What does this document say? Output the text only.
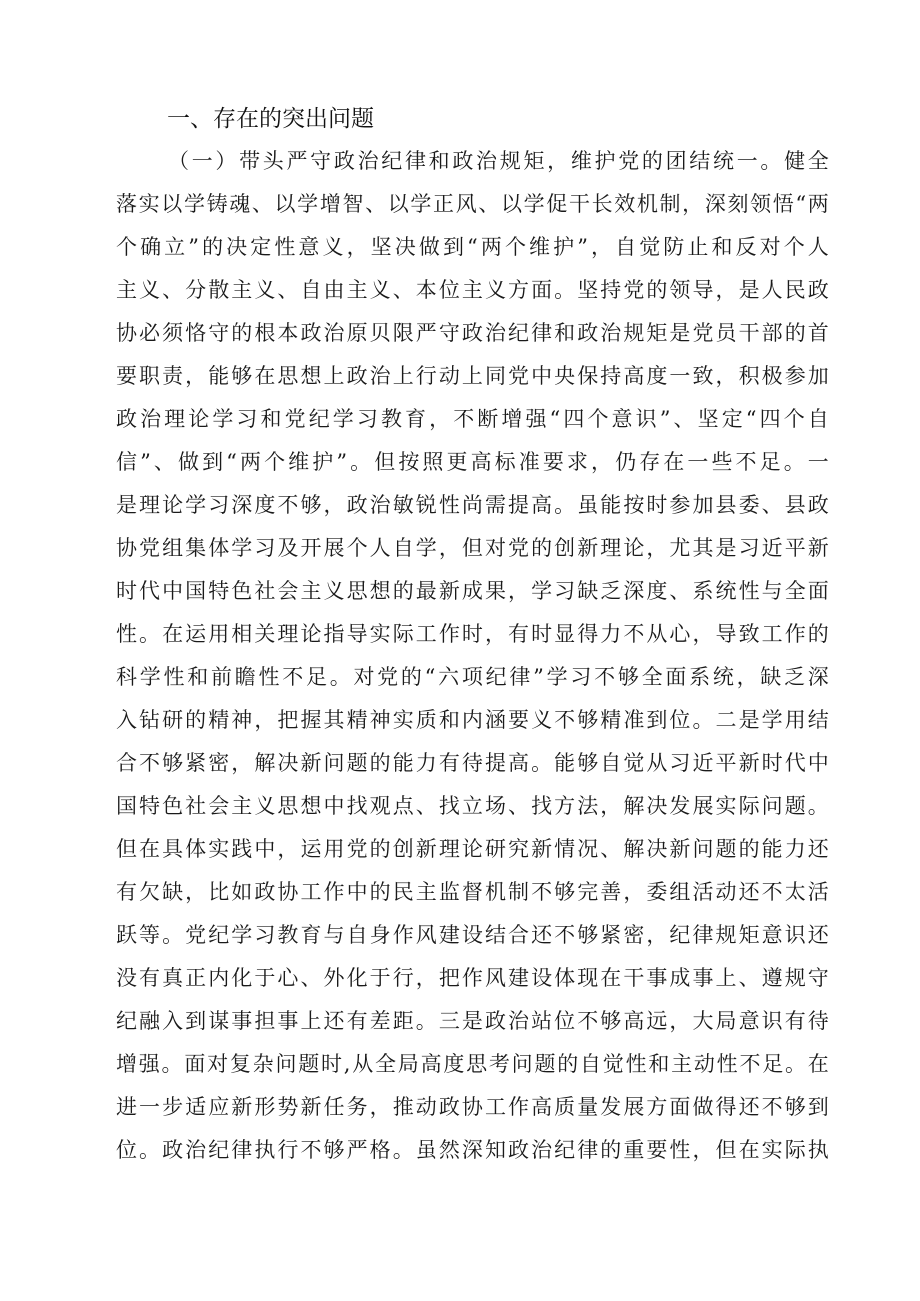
一、存在的突出问题
（一）带头严守政治纪律和政治规矩，维护党的团结统一。健全
落实以学铸魂、以学增智、以学正风、以学促干长效机制，深刻领悟“两
个确立”的决定性意义，坚决做到“两个维护”，自觉防止和反对个人
主义、分散主义、自由主义、本位主义方面。坚持党的领导，是人民政
协必须恪守的根本政治原贝限严守政治纪律和政治规矩是党员干部的首
要职责，能够在思想上政治上行动上同党中央保持高度一致，积极参加
政治理论学习和党纪学习教育，不断增强“四个意识”、坚定“四个自
信”、做到“两个维护”。但按照更高标准要求，仍存在一些不足。一
是理论学习深度不够，政治敏锐性尚需提高。虽能按时参加县委、县政
协党组集体学习及开展个人自学，但对党的创新理论，尤其是习近平新
时代中国特色社会主义思想的最新成果，学习缺乏深度、系统性与全面
性。在运用相关理论指导实际工作时，有时显得力不从心，导致工作的
科学性和前瞻性不足。对党的“六项纪律”学习不够全面系统，缺乏深
入钻研的精神，把握其精神实质和内涵要义不够精准到位。二是学用结
合不够紧密，解决新问题的能力有待提高。能够自觉从习近平新时代中
国特色社会主义思想中找观点、找立场、找方法，解决发展实际问题。
但在具体实践中，运用党的创新理论研究新情况、解决新问题的能力还
有欠缺，比如政协工作中的民主监督机制不够完善，委组活动还不太活
跃等。党纪学习教育与自身作风建设结合还不够紧密，纪律规矩意识还
没有真正内化于心、外化于行，把作风建设体现在干事成事上、遵规守
纪融入到谋事担事上还有差距。三是政治站位不够高远，大局意识有待
增强。面对复杂问题时,从全局高度思考问题的自觉性和主动性不足。在
进一步适应新形势新任务，推动政协工作高质量发展方面做得还不够到
位。政治纪律执行不够严格。虽然深知政治纪律的重要性，但在实际执
